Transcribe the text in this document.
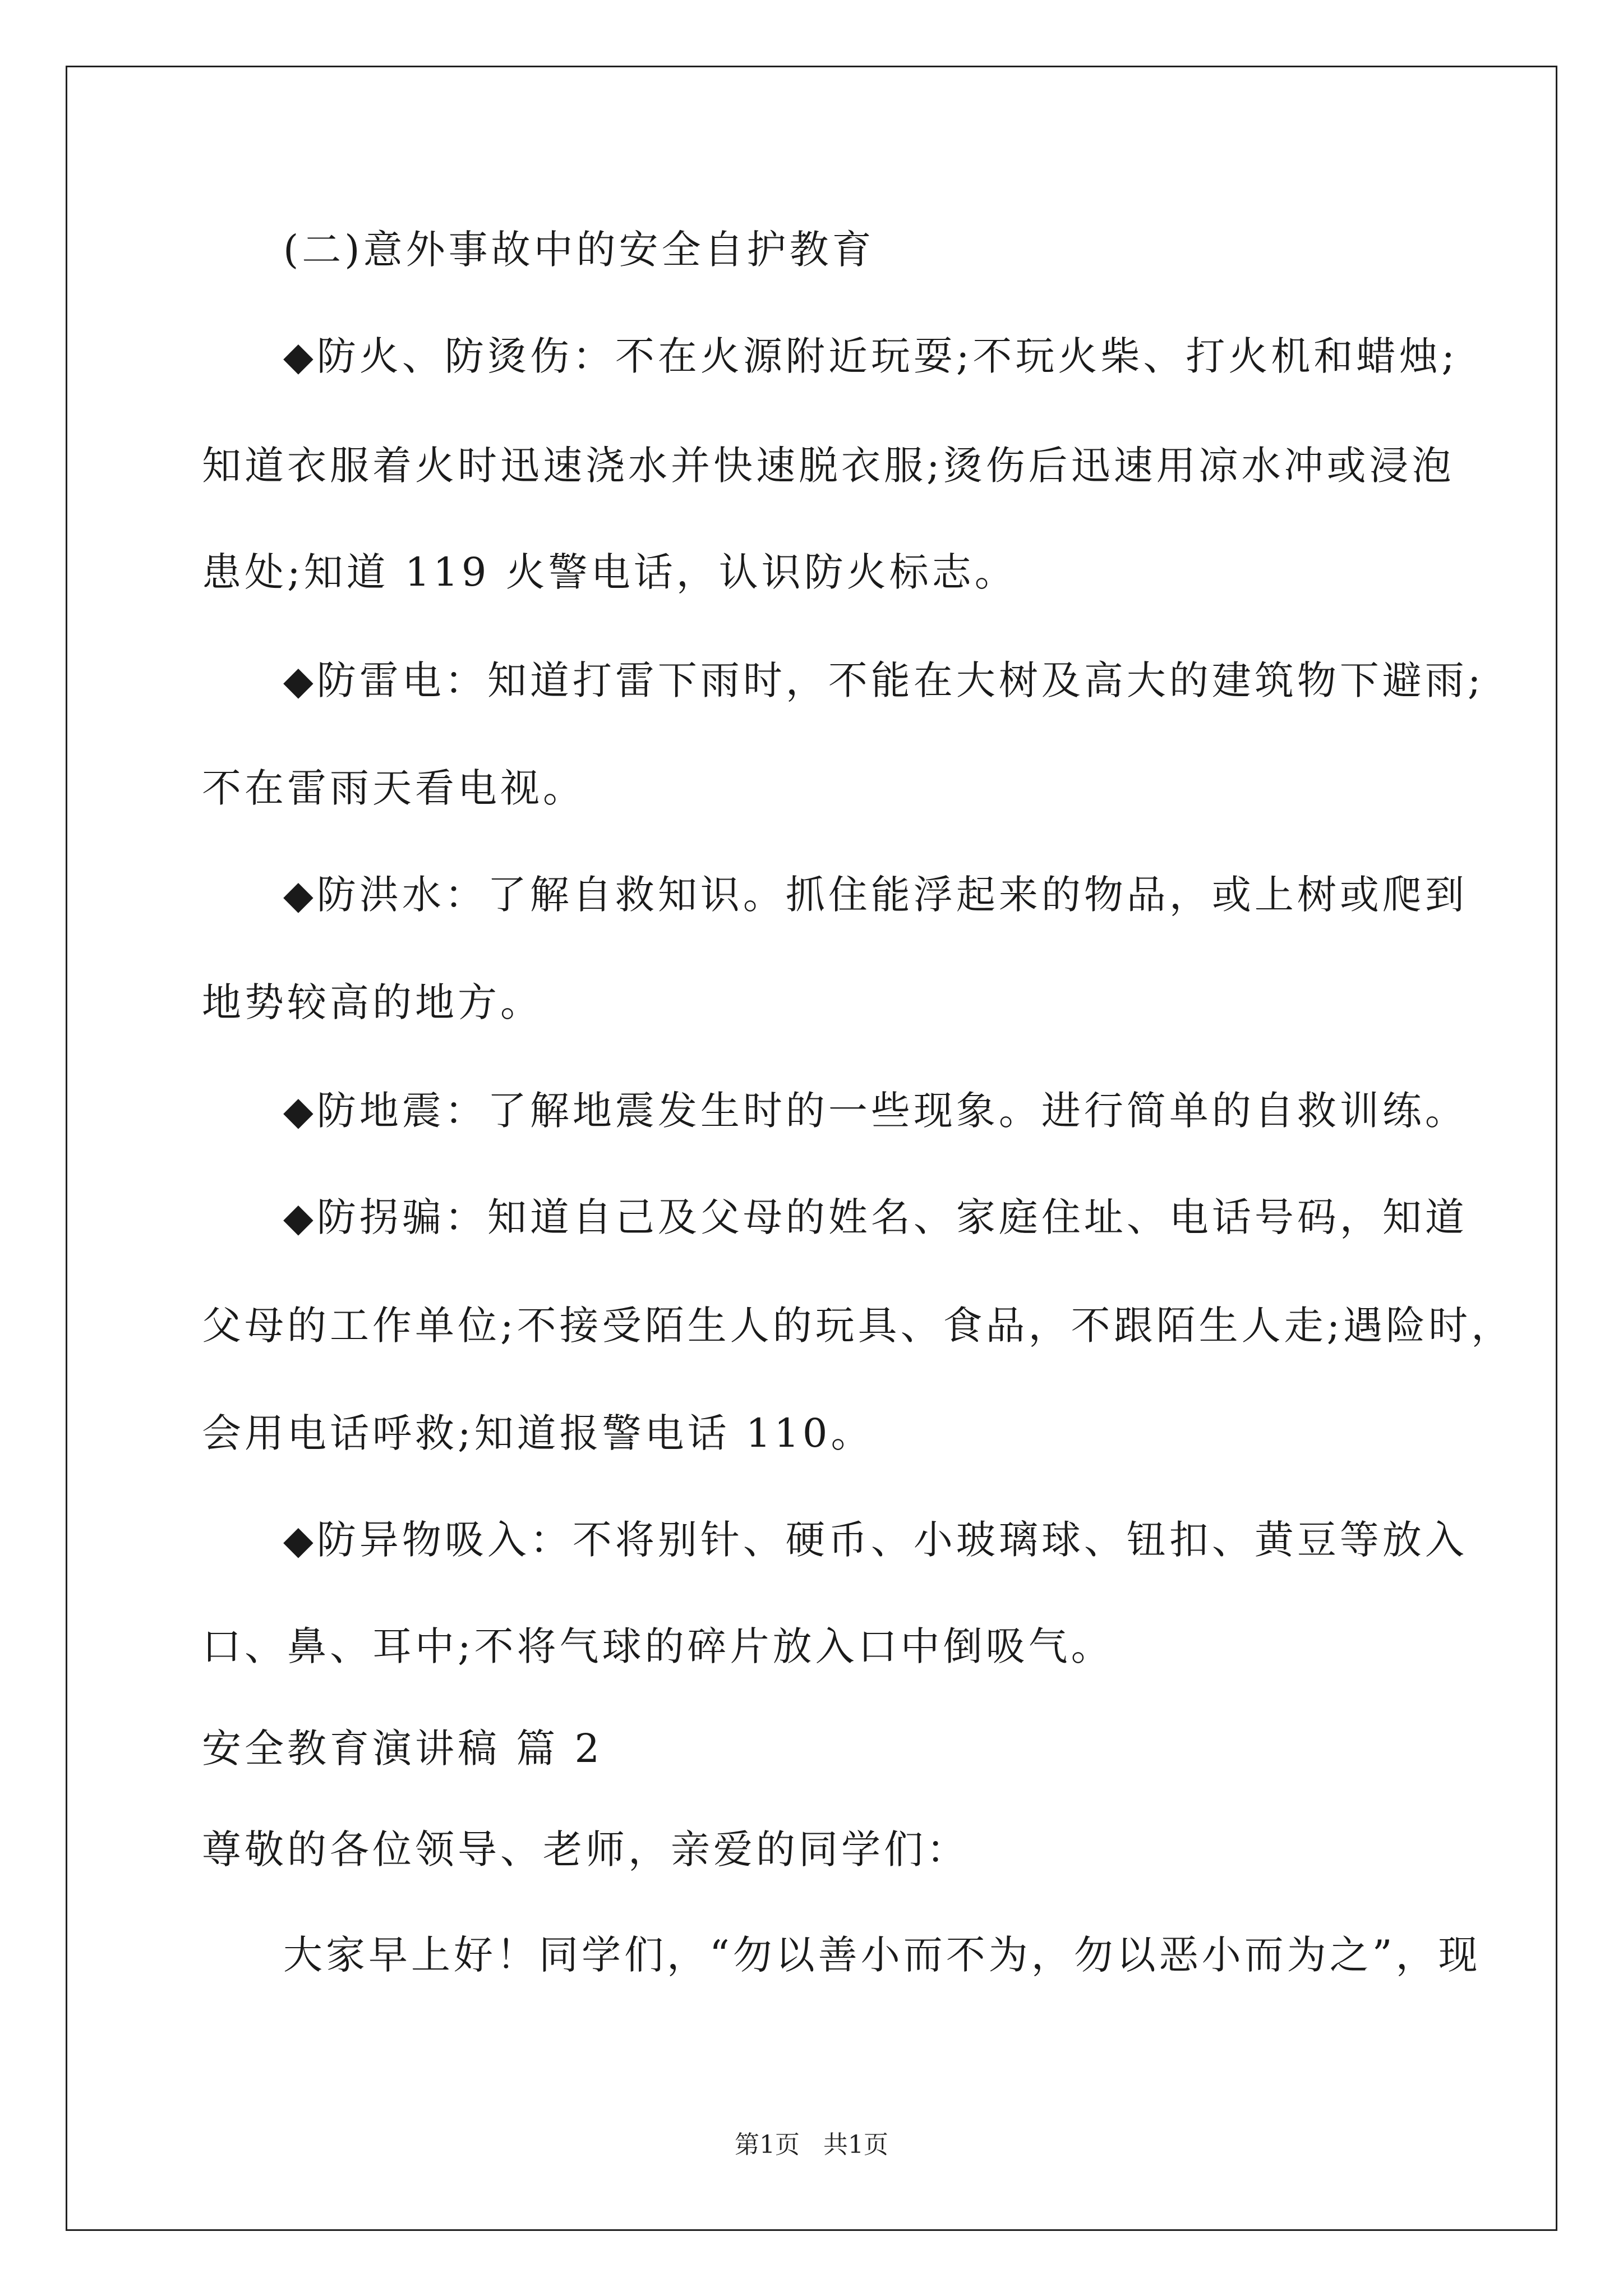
(二)意外事故中的安全自护教育
◆防火、防烫伤：不在火源附近玩耍;不玩火柴、打火机和蜡烛;
知道衣服着火时迅速浇水并快速脱衣服;烫伤后迅速用凉水冲或浸泡
患处;知道 119 火警电话，认识防火标志。
◆防雷电：知道打雷下雨时，不能在大树及高大的建筑物下避雨;
不在雷雨天看电视。
◆防洪水：了解自救知识。抓住能浮起来的物品，或上树或爬到
地势较高的地方。
◆防地震：了解地震发生时的一些现象。进行简单的自救训练。
◆防拐骗：知道自己及父母的姓名、家庭住址、电话号码，知道
父母的工作单位;不接受陌生人的玩具、食品，不跟陌生人走;遇险时，
会用电话呼救;知道报警电话 110。
◆防异物吸入：不将别针、硬币、小玻璃球、钮扣、黄豆等放入
口、鼻、耳中;不将气球的碎片放入口中倒吸气。
安全教育演讲稿 篇 2
尊敬的各位领导、老师，亲爱的同学们：
大家早上好！同学们，“勿以善小而不为，勿以恶小而为之”，现
第1页 共1页
